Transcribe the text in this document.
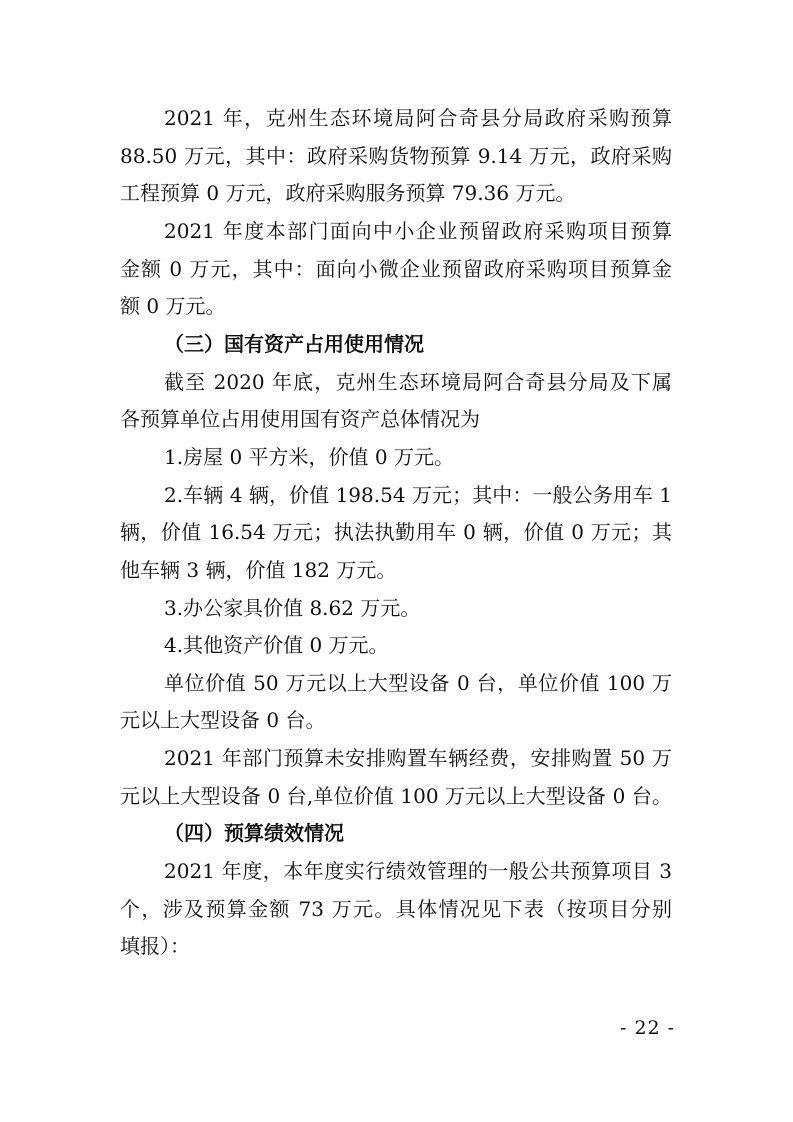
2021 年，克州生态环境局阿合奇县分局政府采购预算
88.50 万元，其中：政府采购货物预算 9.14 万元，政府采购
工程预算 0 万元，政府采购服务预算 79.36 万元。
2021 年度本部门面向中小企业预留政府采购项目预算
金额 0 万元，其中：面向小微企业预留政府采购项目预算金
额 0 万元。
（三）国有资产占用使用情况
截至 2020 年底，克州生态环境局阿合奇县分局及下属
各预算单位占用使用国有资产总体情况为
1.房屋 0 平方米，价值 0 万元。
2.车辆 4 辆，价值 198.54 万元；其中：一般公务用车 1
辆，价值 16.54 万元；执法执勤用车 0 辆，价值 0 万元；其
他车辆 3 辆，价值 182 万元。
3.办公家具价值 8.62 万元。
4.其他资产价值 0 万元。
单位价值 50 万元以上大型设备 0 台，单位价值 100 万
元以上大型设备 0 台。
2021 年部门预算未安排购置车辆经费，安排购置 50 万
元以上大型设备 0 台,单位价值 100 万元以上大型设备 0 台。
（四）预算绩效情况
2021 年度，本年度实行绩效管理的一般公共预算项目 3
个，涉及预算金额 73 万元。具体情况见下表（按项目分别
填报）：
- 22 -
